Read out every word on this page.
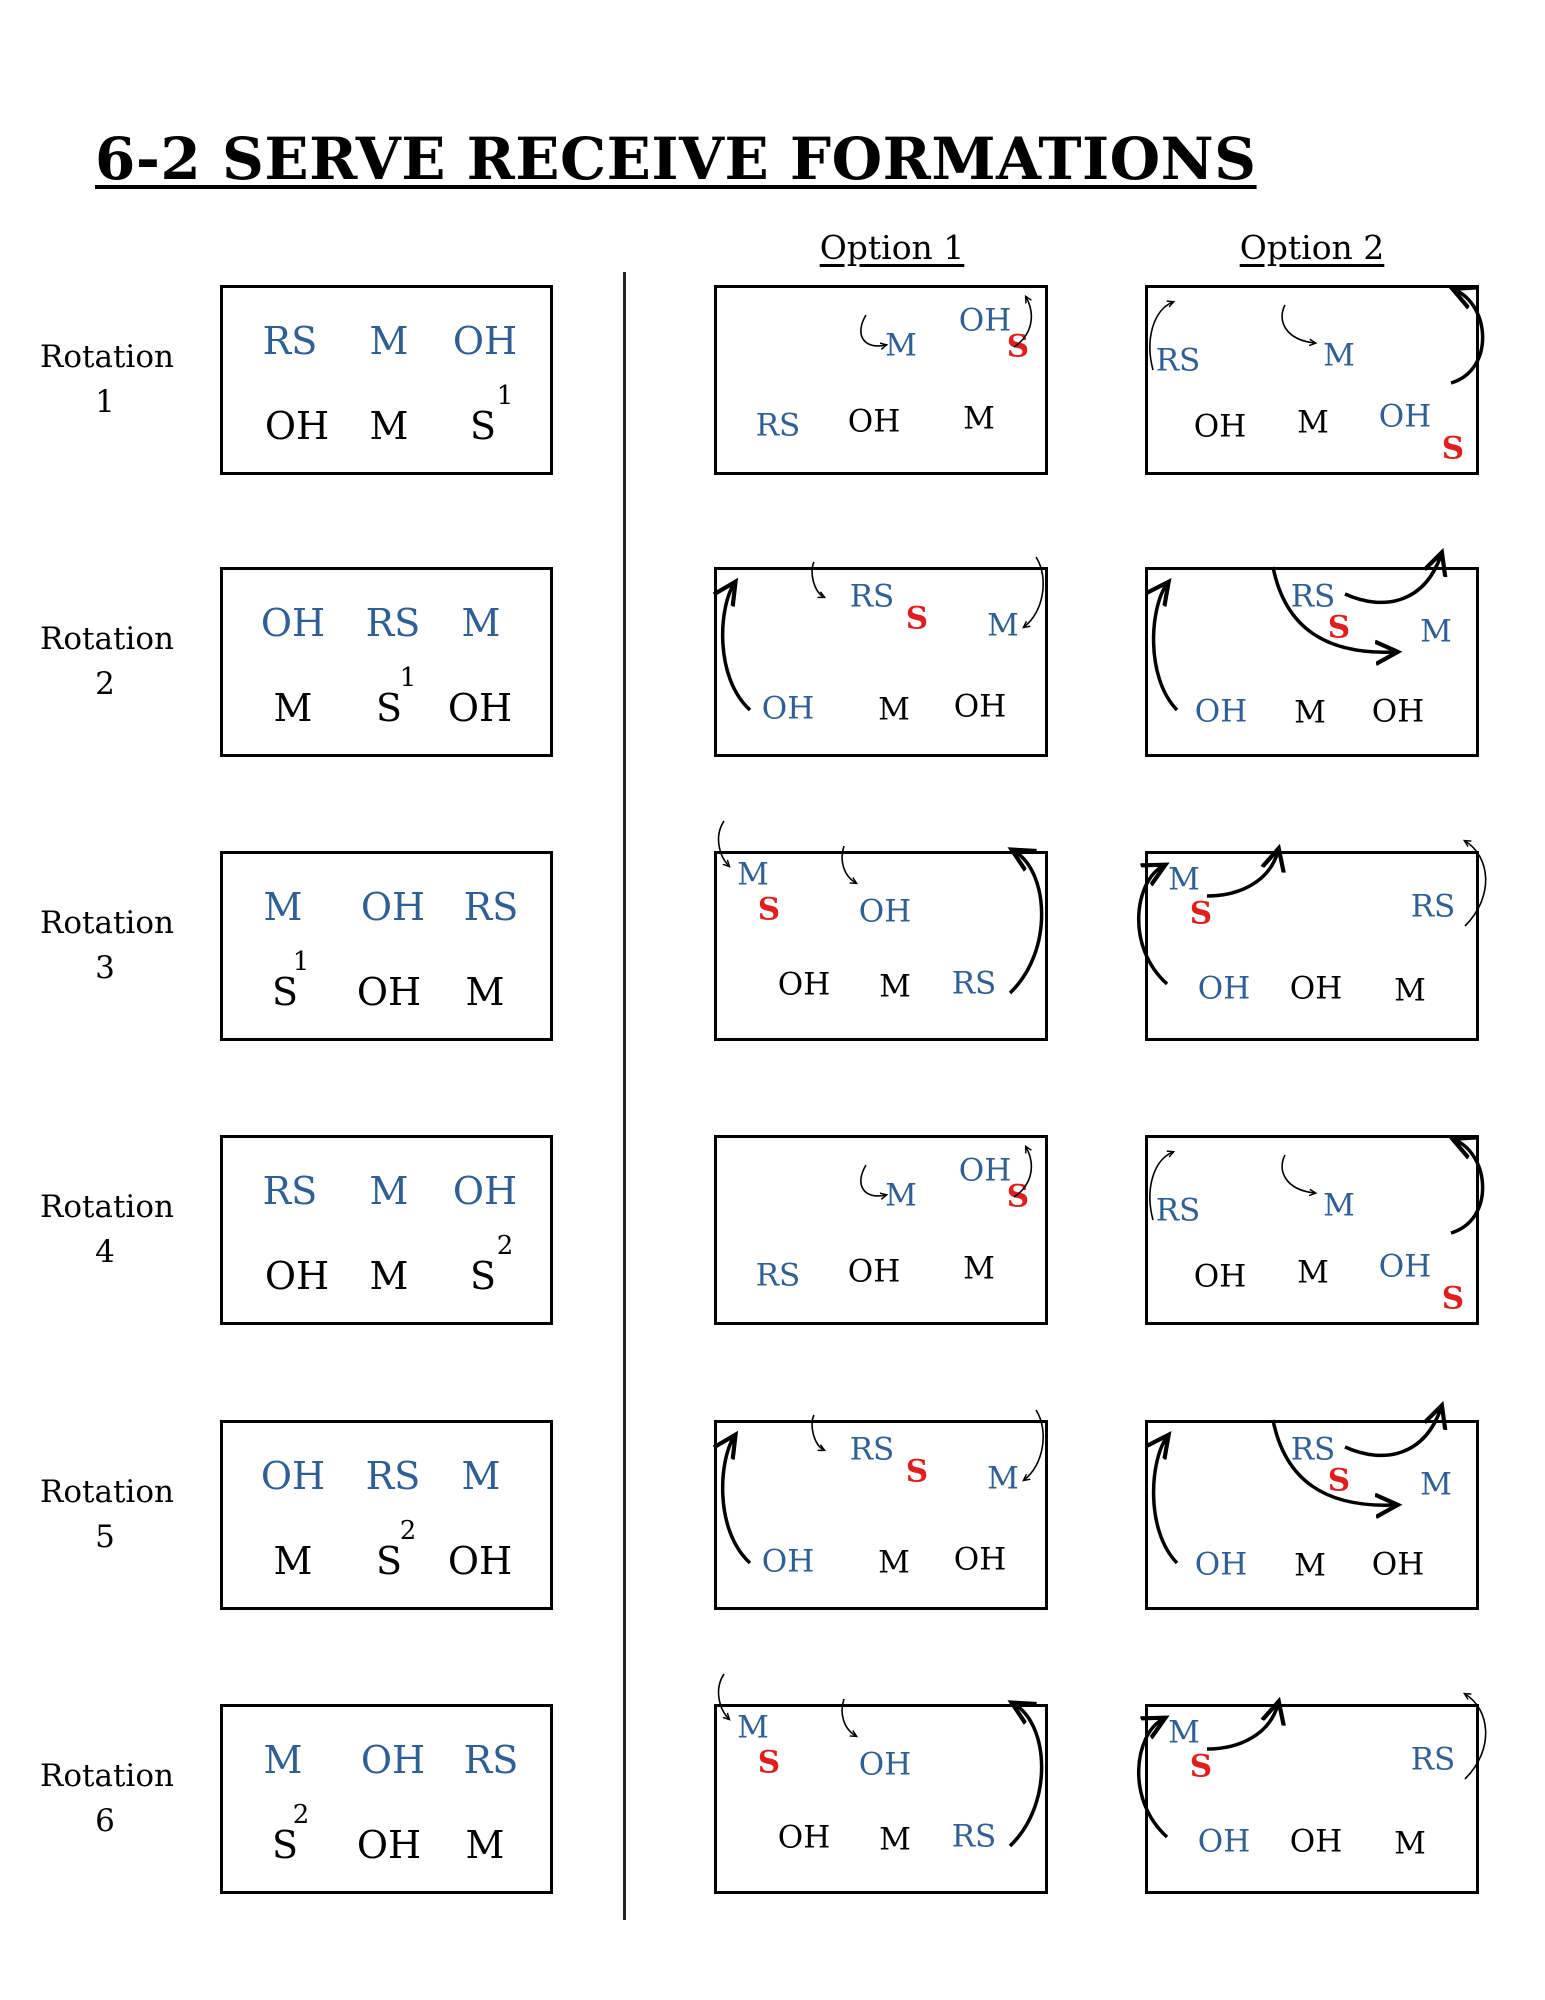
6-2 SERVE RECEIVE FORMATIONS
Option 1	Option 2
Rotation
1
RS M OH
OH M S
1
M
OH
S
RS OH M
RS	M
OH
M
OH
S
Rotation
2
OH RS M
M S OH
1
RS
S M
OH M OH
RS
S M
OH M OH
Rotation
3
M OH RS
S OH M
1
M
S	OH
OH M RS
M
S	RS
OH OH M
Rotation
4
RS M OH
OH M S
2
M
OH
S
RS OH M
RS	M
OH
M
OH
S
Rotation
5
OH RS M
M S OH
2
RS
S M
OH M OH
RS
S M
OH M OH
Rotation
6
M OH RS
S OH M
2
M
S	OH
OH M RS
M
S	RS
OH OH M
